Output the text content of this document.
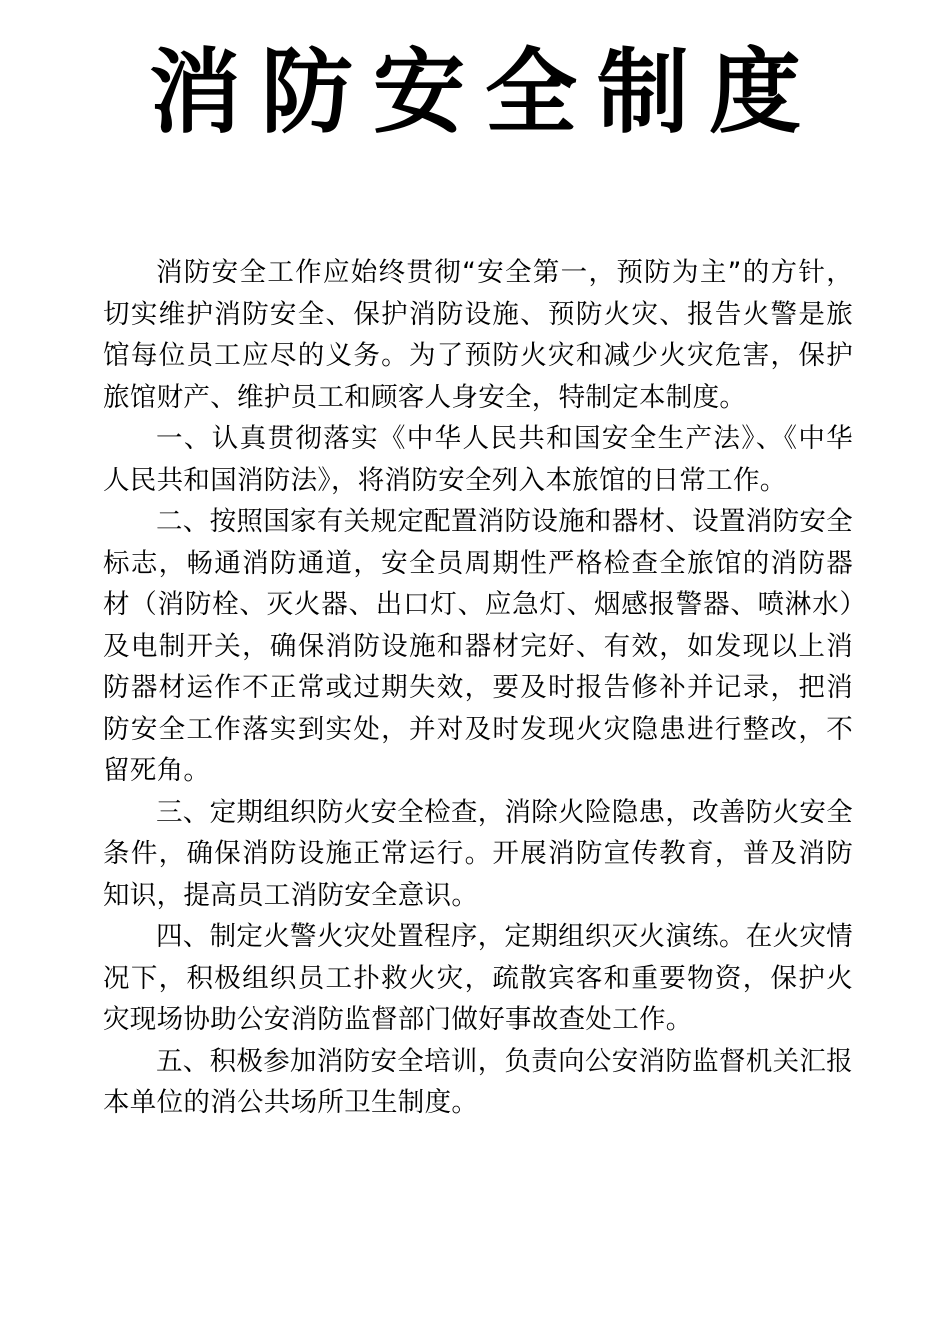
消防安全制度

消防安全工作应始终贯彻“安全第一，预防为主”的方针，切实维护消防安全、保护消防设施、预防火灾、报告火警是旅馆每位员工应尽的义务。为了预防火灾和减少火灾危害，保护旅馆财产、维护员工和顾客人身安全，特制定本制度。

一、认真贯彻落实《中华人民共和国安全生产法》、《中华人民共和国消防法》，将消防安全列入本旅馆的日常工作。

二、按照国家有关规定配置消防设施和器材、设置消防安全标志，畅通消防通道，安全员周期性严格检查全旅馆的消防器材（消防栓、灭火器、出口灯、应急灯、烟感报警器、喷淋水）及电制开关，确保消防设施和器材完好、有效，如发现以上消防器材运作不正常或过期失效，要及时报告修补并记录，把消防安全工作落实到实处，并对及时发现火灾隐患进行整改，不留死角。

三、定期组织防火安全检查，消除火险隐患，改善防火安全条件，确保消防设施正常运行。开展消防宣传教育，普及消防知识，提高员工消防安全意识。

四、制定火警火灾处置程序，定期组织灭火演练。在火灾情况下，积极组织员工扑救火灾，疏散宾客和重要物资，保护火灾现场协助公安消防监督部门做好事故查处工作。

五、积极参加消防安全培训，负责向公安消防监督机关汇报本单位的消公共场所卫生制度。
